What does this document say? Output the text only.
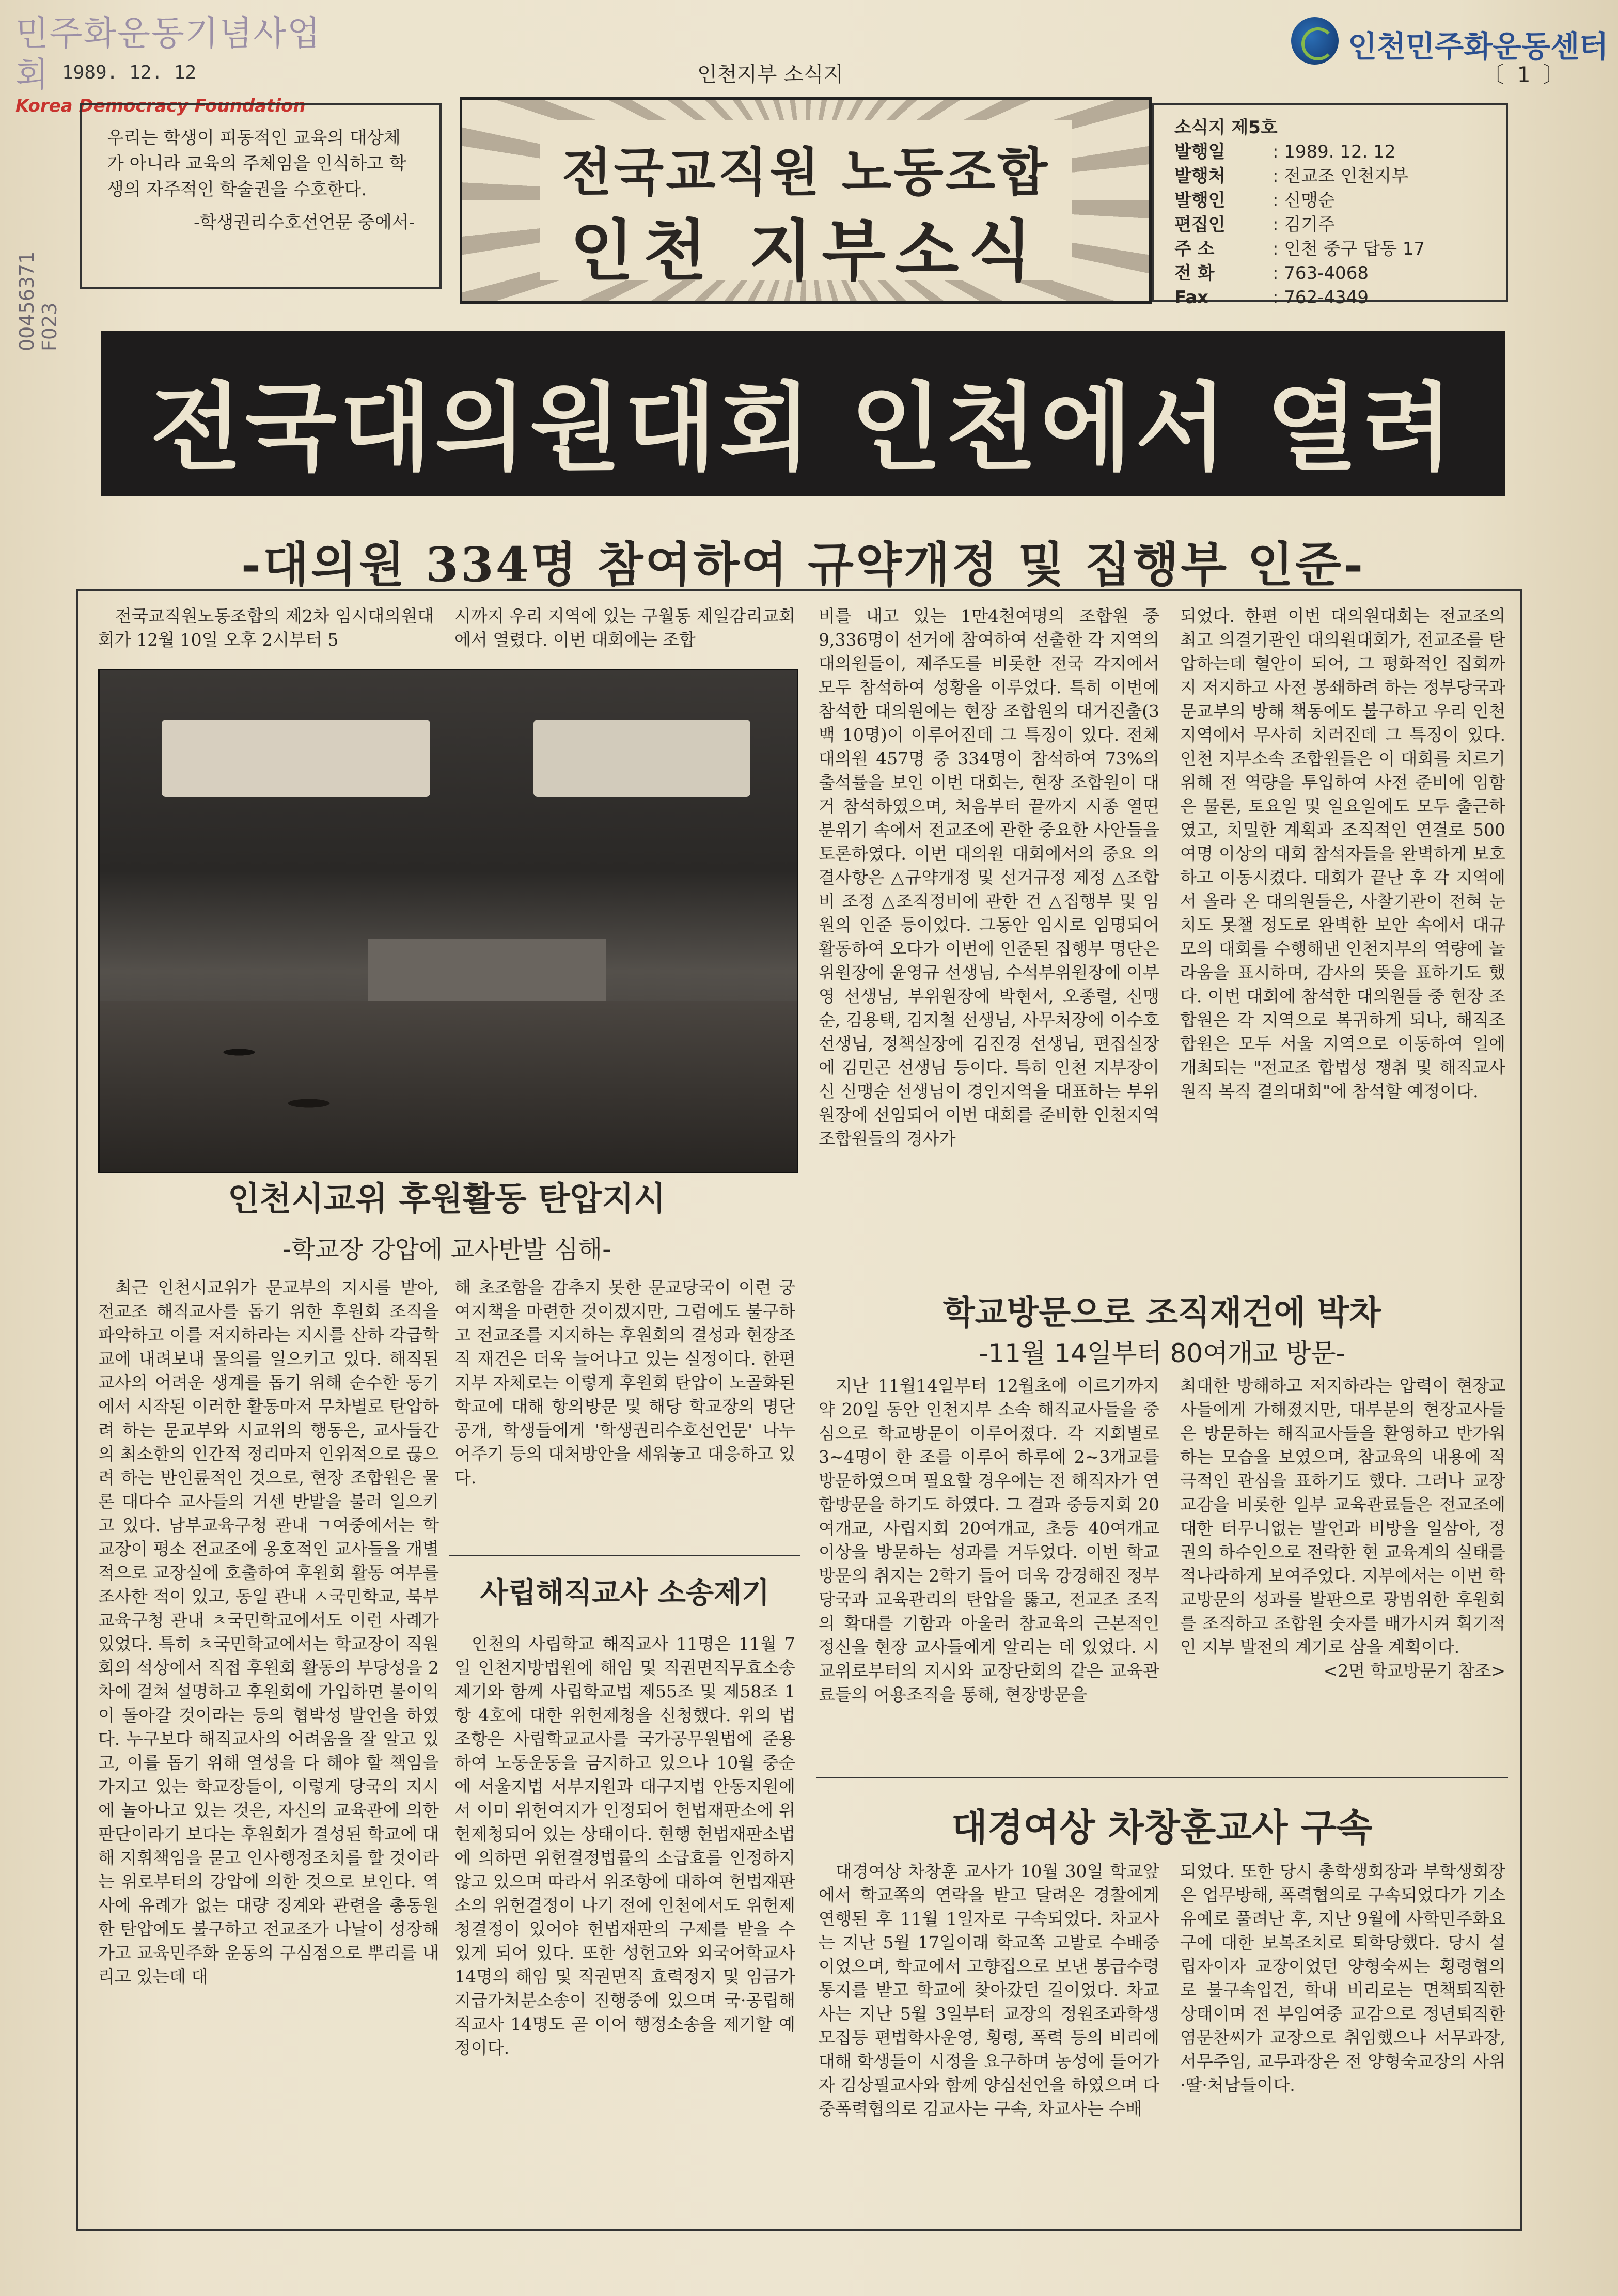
민주화운동기념사업회
Korea Democracy Foundation
1989. 12. 12
00456371 F023
인천지부 소식지
인천민주화운동센터
〔 1 〕
우리는 학생이 피동적인 교육의 대상체가 아니라 교육의 주체임을 인식하고 학생의 자주적인 학술권을 수호한다.
-학생권리수호선언문 중에서-
전국교직원 노동조합
인천 지부소식
소식지 제5호
발행일	: 1989. 12. 12
발행처	: 전교조 인천지부
발행인	: 신맹순
편집인	: 김기주
주 소	: 인천 중구 답동 17
전 화	: 763-4068
Fax	: 762-4349
전국대의원대회 인천에서 열려
-대의원 334명 참여하여 규약개정 및 집행부 인준-

전국교직원노동조합의 제2차 임시대의원대회가 12월 10일 오후 2시부터 5

시까지 우리 지역에 있는 구월동 제일감리교회에서 열렸다. 이번 대회에는 조합

비를 내고 있는 1만4천여명의 조합원 중 9,336명이 선거에 참여하여 선출한 각 지역의 대의원들이, 제주도를 비롯한 전국 각지에서 모두 참석하여 성황을 이루었다. 특히 이번에 참석한 대의원에는 현장 조합원의 대거진출(3백 10명)이 이루어진데 그 특징이 있다. 전체 대의원 457명 중 334명이 참석하여 73%의 출석률을 보인 이번 대회는, 현장 조합원이 대거 참석하였으며, 처음부터 끝까지 시종 열띤 분위기 속에서 전교조에 관한 중요한 사안들을 토론하였다. 이번 대의원 대회에서의 중요 의결사항은 △규약개정 및 선거규정 제정 △조합비 조정 △조직정비에 관한 건 △집행부 및 임원의 인준 등이었다. 그동안 임시로 임명되어 활동하여 오다가 이번에 인준된 집행부 명단은 위원장에 윤영규 선생님, 수석부위원장에 이부영 선생님, 부위원장에 박현서, 오종렬, 신맹순, 김용택, 김지철 선생님, 사무처장에 이수호 선생님, 정책실장에 김진경 선생님, 편집실장에 김민곤 선생님 등이다. 특히 인천 지부장이신 신맹순 선생님이 경인지역을 대표하는 부위원장에 선임되어 이번 대회를 준비한 인천지역 조합원들의 경사가

되었다. 한편 이번 대의원대회는 전교조의 최고 의결기관인 대의원대회가, 전교조를 탄압하는데 혈안이 되어, 그 평화적인 집회까지 저지하고 사전 봉쇄하려 하는 정부당국과 문교부의 방해 책동에도 불구하고 우리 인천지역에서 무사히 치러진데 그 특징이 있다. 인천 지부소속 조합원들은 이 대회를 치르기 위해 전 역량을 투입하여 사전 준비에 임함은 물론, 토요일 및 일요일에도 모두 출근하였고, 치밀한 계획과 조직적인 연결로 500여명 이상의 대회 참석자들을 완벽하게 보호하고 이동시켰다. 대회가 끝난 후 각 지역에서 올라 온 대의원들은, 사찰기관이 전혀 눈치도 못챌 정도로 완벽한 보안 속에서 대규모의 대회를 수행해낸 인천지부의 역량에 놀라움을 표시하며, 감사의 뜻을 표하기도 했다. 이번 대회에 참석한 대의원들 중 현장 조합원은 각 지역으로 복귀하게 되나, 해직조합원은 모두 서울 지역으로 이동하여 일에 개최되는 "전교조 합법성 쟁취 및 해직교사 원직 복직 결의대회"에 참석할 예정이다.

인천시교위 후원활동 탄압지시
-학교장 강압에 교사반발 심해-

최근 인천시교위가 문교부의 지시를 받아, 전교조 해직교사를 돕기 위한 후원회 조직을 파악하고 이를 저지하라는 지시를 산하 각급학교에 내려보내 물의를 일으키고 있다. 해직된 교사의 어려운 생계를 돕기 위해 순수한 동기에서 시작된 이러한 활동마저 무차별로 탄압하려 하는 문교부와 시교위의 행동은, 교사들간의 최소한의 인간적 정리마저 인위적으로 끊으려 하는 반인륜적인 것으로, 현장 조합원은 물론 대다수 교사들의 거센 반발을 불러 일으키고 있다. 남부교육구청 관내 ㄱ여중에서는 학교장이 평소 전교조에 옹호적인 교사들을 개별적으로 교장실에 호출하여 후원회 활동 여부를 조사한 적이 있고, 동일 관내 ㅅ국민학교, 북부 교육구청 관내 ㅊ국민학교에서도 이런 사례가 있었다. 특히 ㅊ국민학교에서는 학교장이 직원회의 석상에서 직접 후원회 활동의 부당성을 2차에 걸쳐 설명하고 후원회에 가입하면 불이익이 돌아갈 것이라는 등의 협박성 발언을 하였다. 누구보다 해직교사의 어려움을 잘 알고 있고, 이를 돕기 위해 열성을 다 해야 할 책임을 가지고 있는 학교장들이, 이렇게 당국의 지시에 놀아나고 있는 것은, 자신의 교육관에 의한 판단이라기 보다는 후원회가 결성된 학교에 대해 지휘책임을 묻고 인사행정조치를 할 것이라는 위로부터의 강압에 의한 것으로 보인다. 역사에 유례가 없는 대량 징계와 관련을 총동원한 탄압에도 불구하고 전교조가 나날이 성장해 가고 교육민주화 운동의 구심점으로 뿌리를 내리고 있는데 대

해 초조함을 감추지 못한 문교당국이 이런 궁여지책을 마련한 것이겠지만, 그럼에도 불구하고 전교조를 지지하는 후원회의 결성과 현장조직 재건은 더욱 늘어나고 있는 실정이다. 한편 지부 자체로는 이렇게 후원회 탄압이 노골화된 학교에 대해 항의방문 및 해당 학교장의 명단 공개, 학생들에게 '학생권리수호선언문' 나누어주기 등의 대처방안을 세워놓고 대응하고 있다.

사립해직교사 소송제기

인천의 사립학교 해직교사 11명은 11월 7일 인천지방법원에 해임 및 직권면직무효소송제기와 함께 사립학교법 제55조 및 제58조 1항 4호에 대한 위헌제청을 신청했다. 위의 법조항은 사립학교교사를 국가공무원법에 준용하여 노동운동을 금지하고 있으나 10월 중순에 서울지법 서부지원과 대구지법 안동지원에서 이미 위헌여지가 인정되어 헌법재판소에 위헌제청되어 있는 상태이다. 현행 헌법재판소법에 의하면 위헌결정법률의 소급효를 인정하지 않고 있으며 따라서 위조항에 대하여 헌법재판소의 위헌결정이 나기 전에 인천에서도 위헌제청결정이 있어야 헌법재판의 구제를 받을 수 있게 되어 있다. 또한 성헌고와 외국어학교사 14명의 해임 및 직권면직 효력정지 및 임금가지급가처분소송이 진행중에 있으며 국·공립해직교사 14명도 곧 이어 행정소송을 제기할 예정이다.

학교방문으로 조직재건에 박차
-11월 14일부터 80여개교 방문-

지난 11월14일부터 12월초에 이르기까지 약 20일 동안 인천지부 소속 해직교사들을 중심으로 학교방문이 이루어졌다. 각 지회별로 3~4명이 한 조를 이루어 하루에 2~3개교를 방문하였으며 필요할 경우에는 전 해직자가 연합방문을 하기도 하였다. 그 결과 중등지회 20여개교, 사립지회 20여개교, 초등 40여개교 이상을 방문하는 성과를 거두었다. 이번 학교방문의 취지는 2학기 들어 더욱 강경해진 정부당국과 교육관리의 탄압을 뚫고, 전교조 조직의 확대를 기함과 아울러 참교육의 근본적인 정신을 현장 교사들에게 알리는 데 있었다. 시교위로부터의 지시와 교장단회의 같은 교육관료들의 어용조직을 통해, 현장방문을

최대한 방해하고 저지하라는 압력이 현장교사들에게 가해졌지만, 대부분의 현장교사들은 방문하는 해직교사들을 환영하고 반가워하는 모습을 보였으며, 참교육의 내용에 적극적인 관심을 표하기도 했다. 그러나 교장 교감을 비롯한 일부 교육관료들은 전교조에 대한 터무니없는 발언과 비방을 일삼아, 정권의 하수인으로 전락한 현 교육계의 실태를 적나라하게 보여주었다. 지부에서는 이번 학교방문의 성과를 발판으로 광범위한 후원회를 조직하고 조합원 숫자를 배가시켜 획기적인 지부 발전의 계기로 삼을 계획이다.

<2면 학교방문기 참조>
대경여상 차창훈교사 구속

대경여상 차창훈 교사가 10월 30일 학교앞에서 학교쪽의 연락을 받고 달려온 경찰에게 연행된 후 11월 1일자로 구속되었다. 차교사는 지난 5월 17일이래 학교쪽 고발로 수배중이었으며, 학교에서 고향집으로 보낸 봉급수령통지를 받고 학교에 찾아갔던 길이었다. 차교사는 지난 5월 3일부터 교장의 정원조과학생모집등 편법학사운영, 횡령, 폭력 등의 비리에 대해 학생들이 시정을 요구하며 농성에 들어가자 김상필교사와 함께 양심선언을 하였으며 다중폭력협의로 김교사는 구속, 차교사는 수배

되었다. 또한 당시 총학생회장과 부학생회장은 업무방해, 폭력협의로 구속되었다가 기소유예로 풀려난 후, 지난 9월에 사학민주화요구에 대한 보복조치로 퇴학당했다. 당시 설립자이자 교장이었던 양형숙씨는 횡령협의로 불구속입건, 학내 비리로는 면책퇴직한 상태이며 전 부임여중 교감으로 정년퇴직한 염문찬씨가 교장으로 취임했으나 서무과장, 서무주임, 교무과장은 전 양형숙교장의 사위·딸·처남들이다.
